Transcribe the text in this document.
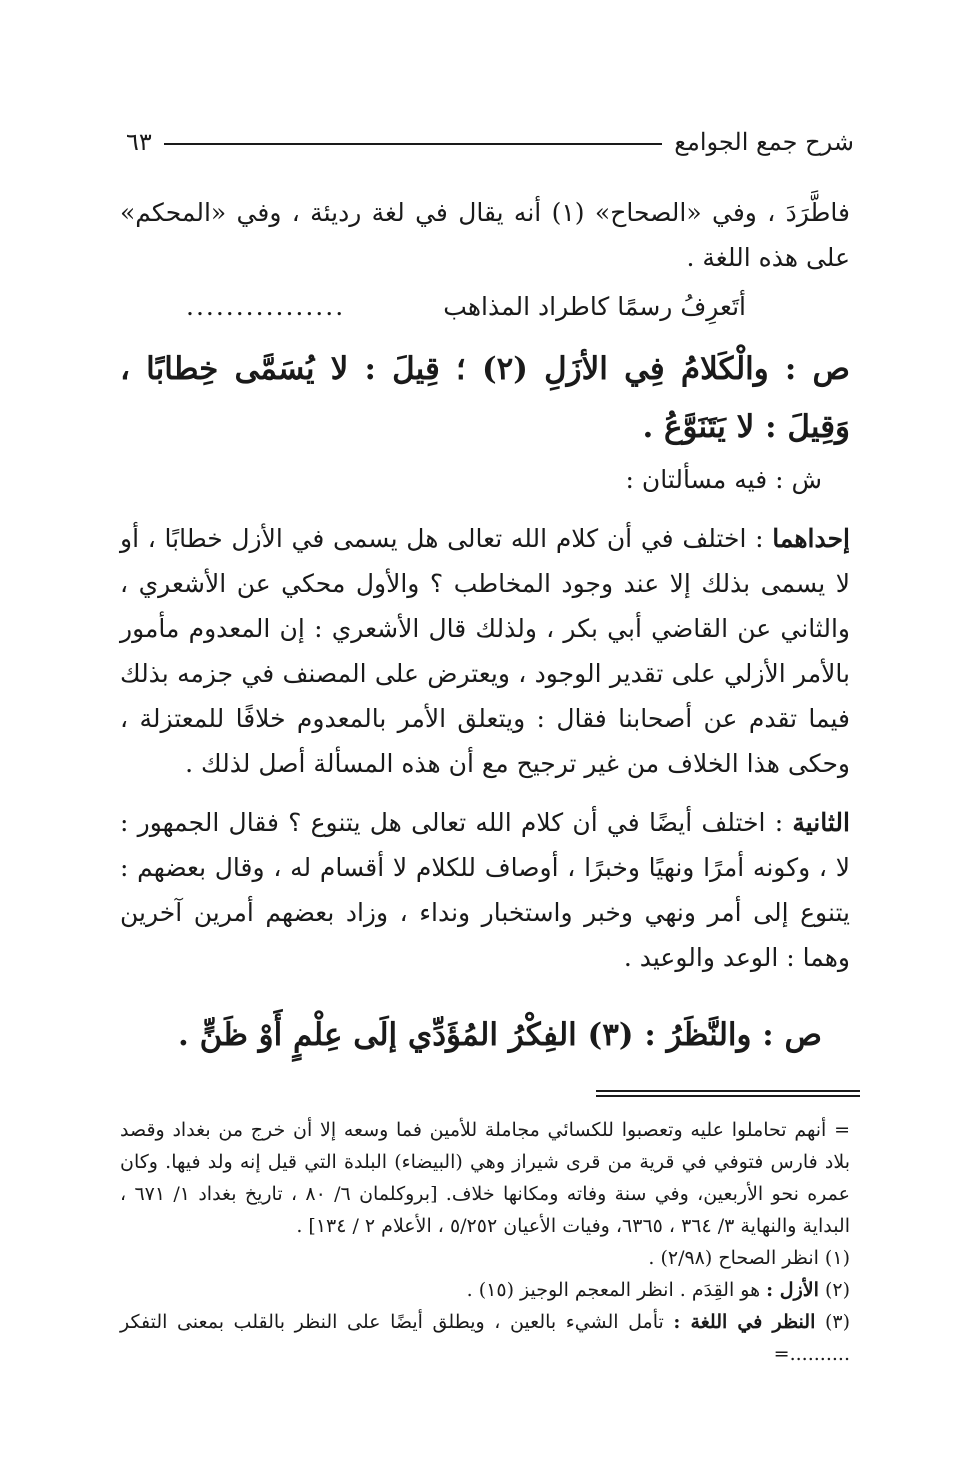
شرح جمع الجوامع
٦٣

فاطَّرَدَ ، وفي «الصحاح» (١) أنه يقال في لغة رديئة ، وفي «المحكم» على هذه اللغة .

أتَعرِفُ رسمًا كاطراد المذاهب
................

ص : والْكَلامُ فِي الأزَلِ (٢) ؛ قِيلَ : لا يُسَمَّى خِطابًا ، وَقِيلَ : لا يَتَنَوَّعُ .

ش : فيه مسألتان :

إحداهما : اختلف في أن كلام الله تعالى هل يسمى في الأزل خطابًا ، أو لا يسمى بذلك إلا عند وجود المخاطب ؟ والأول محكي عن الأشعري ، والثاني عن القاضي أبي بكر ، ولذلك قال الأشعري : إن المعدوم مأمور بالأمر الأزلي على تقدير الوجود ، ويعترض على المصنف في جزمه بذلك فيما تقدم عن أصحابنا فقال : ويتعلق الأمر بالمعدوم خلافًا للمعتزلة ، وحكى هذا الخلاف من غير ترجيح مع أن هذه المسألة أصل لذلك .

الثانية : اختلف أيضًا في أن كلام الله تعالى هل يتنوع ؟ فقال الجمهور : لا ، وكونه أمرًا ونهيًا وخبرًا ، أوصاف للكلام لا أقسام له ، وقال بعضهم : يتنوع إلى أمر ونهي وخبر واستخبار ونداء ، وزاد بعضهم أمرين آخرين وهما : الوعد والوعيد .

ص : والنَّظَرُ : (٣) الفِكْرُ المُؤَدِّي إلَى عِلْمٍ أَوْ ظَنٍّ .

= أنهم تحاملوا عليه وتعصبوا للكسائي مجاملة للأمين فما وسعه إلا أن خرج من بغداد وقصد بلاد فارس فتوفي في قرية من قرى شيراز وهي (البيضاء) البلدة التي قيل إنه ولد فيها. وكان عمره نحو الأربعين، وفي سنة وفاته ومكانها خلاف. [بروكلمان ٦/ ٨٠ ، تاريخ بغداد ١/ ٦٧١ ، البداية والنهاية ٣/ ٣٦٤ ، ٦٣٦٥، وفيات الأعيان ٥/٢٥٢ ، الأعلام ٢ / ١٣٤] .

(١) انظر الصحاح (٢/٩٨) .

(٢) الأزل : هو القِدَم . انظر المعجم الوجيز (١٥) .

(٣) النظر في اللغة : تأمل الشيء بالعين ، ويطلق أيضًا على النظر بالقلب بمعنى التفكر ..........=
